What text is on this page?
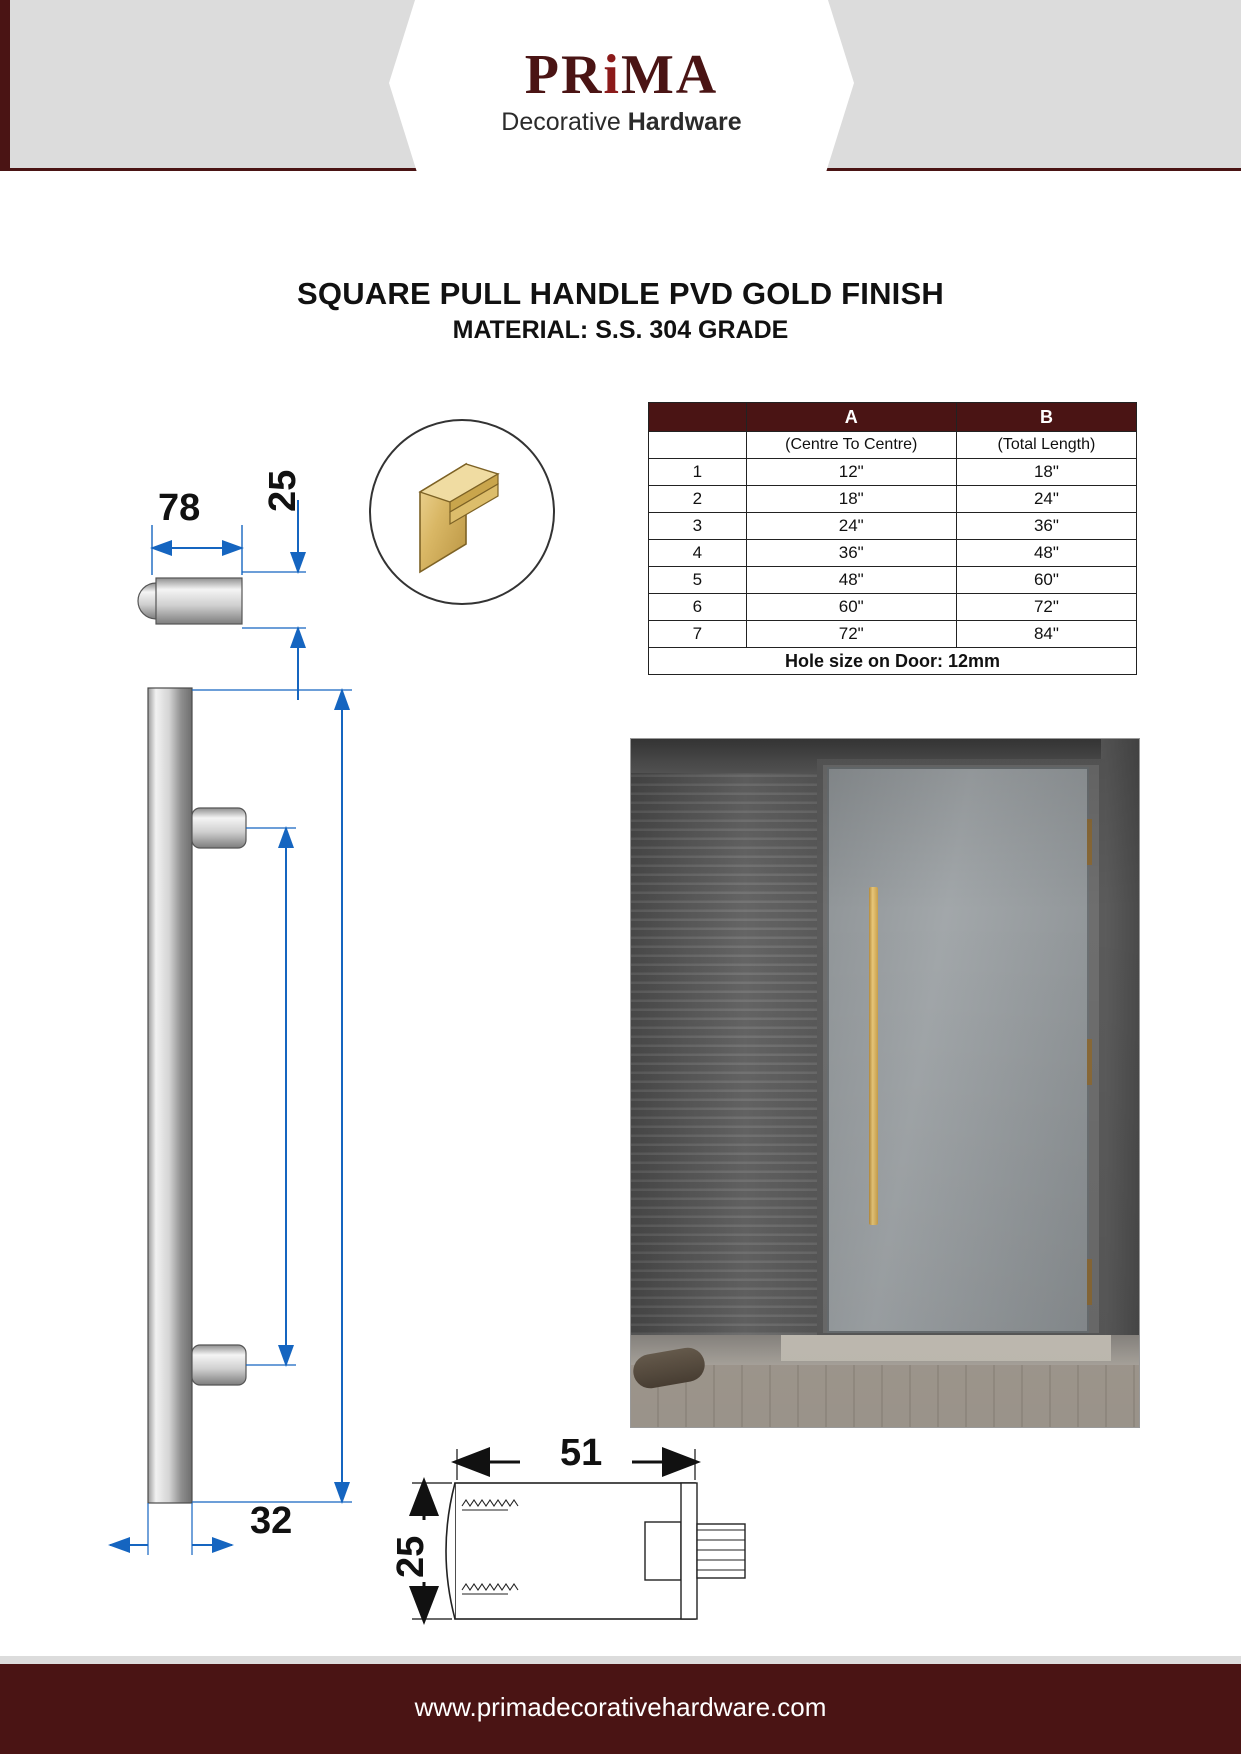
PRiMA
Decorative Hardware
SQUARE PULL HANDLE PVD GOLD FINISH
MATERIAL: S.S. 304 GRADE
	A	B
	(Centre To Centre)	(Total Length)
1	12"	18"
2	18"	24"
3	24"	36"
4	36"	48"
5	48"	60"
6	60"	72"
7	72"	84"
Hole size on Door: 12mm		
78 25
32
51
25
www.primadecorativehardware.com
